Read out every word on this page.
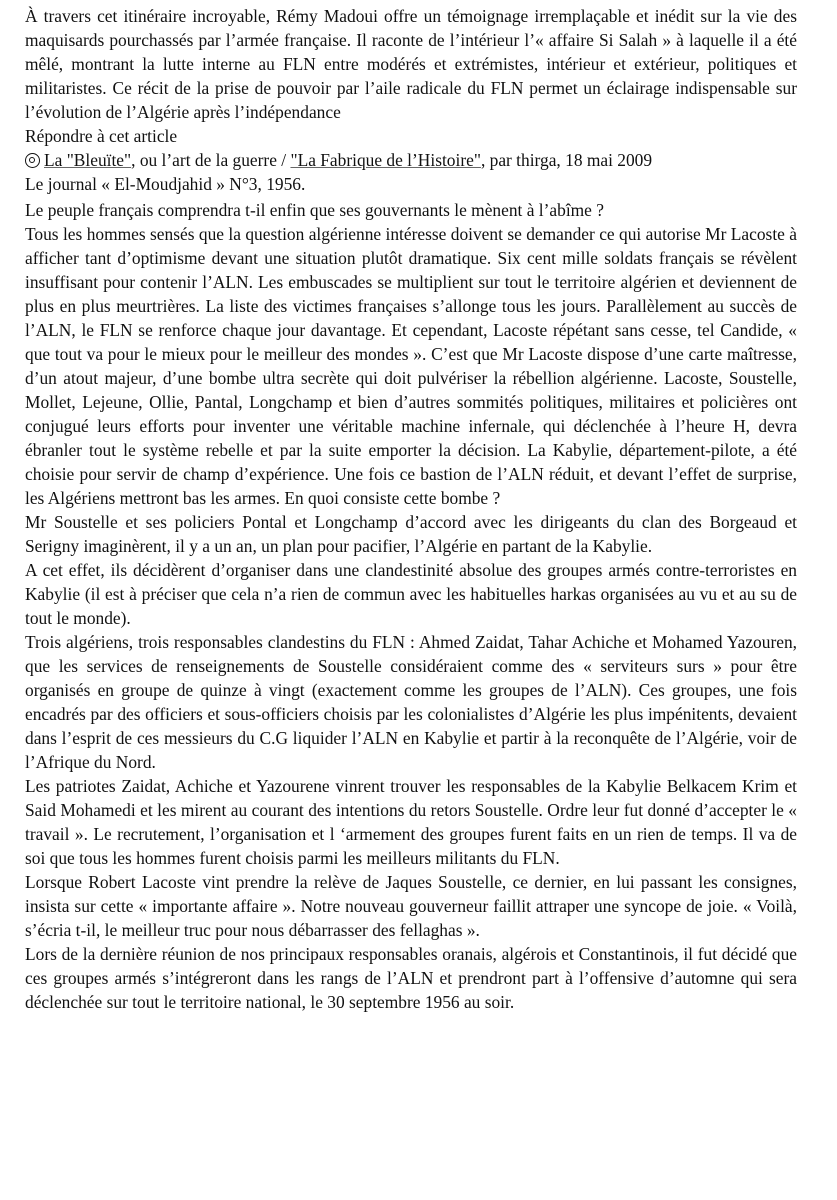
À travers cet itinéraire incroyable, Rémy Madoui offre un témoignage irremplaçable et inédit sur la vie des maquisards pourchassés par l’armée française. Il raconte de l’intérieur l’« affaire Si Salah » à laquelle il a été mêlé, montrant la lutte interne au FLN entre modérés et extrémistes, intérieur et extérieur, politiques et militaristes. Ce récit de la prise de pouvoir par l’aile radicale du FLN permet un éclairage indispensable sur l’évolution de l’Algérie après l’indépendance

Répondre à cet article

La "Bleuïte", ou l’art de la guerre / "La Fabrique de l’Histoire", par thirga, 18 mai 2009

Le journal « El-Moudjahid » N°3, 1956.

Le peuple français comprendra t-il enfin que ses gouvernants le mènent à l’abîme ?

Tous les hommes sensés que la question algérienne intéresse doivent se demander ce qui autorise Mr Lacoste à afficher tant d’optimisme devant une situation plutôt dramatique. Six cent mille soldats français se révèlent insuffisant pour contenir l’ALN. Les embuscades se multiplient sur tout le territoire algérien et deviennent de plus en plus meurtrières. La liste des victimes françaises s’allonge tous les jours. Parallèlement au succès de l’ALN, le FLN se renforce chaque jour davantage. Et cependant, Lacoste répétant sans cesse, tel Candide, « que tout va pour le mieux pour le meilleur des mondes ». C’est que Mr Lacoste dispose d’une carte maîtresse, d’un atout majeur, d’une bombe ultra secrète qui doit pulvériser la rébellion algérienne. Lacoste, Soustelle, Mollet, Lejeune, Ollie, Pantal, Longchamp et bien d’autres sommités politiques, militaires et policières ont conjugué leurs efforts pour inventer une véritable machine infernale, qui déclenchée à l’heure H, devra ébranler tout le système rebelle et par la suite emporter la décision. La Kabylie, département-pilote, a été choisie pour servir de champ d’expérience. Une fois ce bastion de l’ALN réduit, et devant l’effet de surprise, les Algériens mettront bas les armes. En quoi consiste cette bombe ?

Mr Soustelle et ses policiers Pontal et Longchamp d’accord avec les dirigeants du clan des Borgeaud et Serigny imaginèrent, il y a un an, un plan pour pacifier, l’Algérie en partant de la Kabylie.

A cet effet, ils décidèrent d’organiser dans une clandestinité absolue des groupes armés contre-terroristes en Kabylie (il est à préciser que cela n’a rien de commun avec les habituelles harkas organisées au vu et au su de tout le monde).

Trois algériens, trois responsables clandestins du FLN : Ahmed Zaidat, Tahar Achiche et Mohamed Yazouren, que les services de renseignements de Soustelle considéraient comme des « serviteurs surs » pour être organisés en groupe de quinze à vingt (exactement comme les groupes de l’ALN). Ces groupes, une fois encadrés par des officiers et sous-officiers choisis par les colonialistes d’Algérie les plus impénitents, devaient dans l’esprit de ces messieurs du C.G liquider l’ALN en Kabylie et partir à la reconquête de l’Algérie, voir de l’Afrique du Nord.

Les patriotes Zaidat, Achiche et Yazourene vinrent trouver les responsables de la Kabylie Belkacem Krim et Said Mohamedi et les mirent au courant des intentions du retors Soustelle. Ordre leur fut donné d’accepter le « travail ». Le recrutement, l’organisation et l ‘armement des groupes furent faits en un rien de temps. Il va de soi que tous les hommes furent choisis parmi les meilleurs militants du FLN.

Lorsque Robert Lacoste vint prendre la relève de Jaques Soustelle, ce dernier, en lui passant les consignes, insista sur cette « importante affaire ». Notre nouveau gouverneur faillit attraper une syncope de joie. « Voilà, s’écria t-il, le meilleur truc pour nous débarrasser des fellaghas ».

Lors de la dernière réunion de nos principaux responsables oranais, algérois et Constantinois, il fut décidé que ces groupes armés s’intégreront dans les rangs de l’ALN et prendront part à l’offensive d’automne qui sera déclenchée sur tout le territoire national, le 30 septembre 1956 au soir.
